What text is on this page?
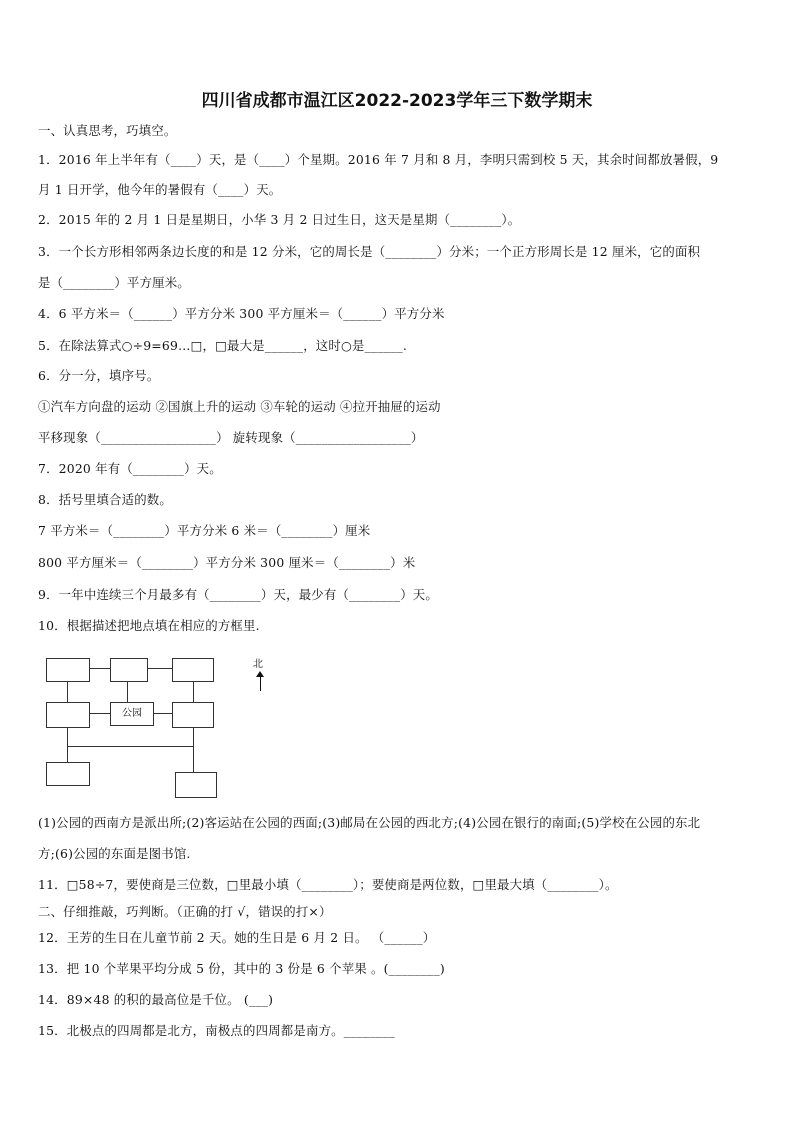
四川省成都市温江区2022-2023学年三下数学期末
一、认真思考，巧填空。
1．2016 年上半年有（____）天，是（____）个星期。2016 年 7 月和 8 月，李明只需到校 5 天，其余时间都放暑假，9
月 1 日开学，他今年的暑假有（____）天。
2．2015 年的 2 月 1 日是星期日，小华 3 月 2 日过生日，这天是星期（________）。
3．一个长方形相邻两条边长度的和是 12 分米，它的周长是（________）分米；一个正方形周长是 12 厘米，它的面积
是（________）平方厘米。
4．6 平方米＝（______）平方分米 300 平方厘米＝（______）平方分米
5．在除法算式○÷9=69…□，□最大是______，这时○是______.
6．分一分，填序号。
①汽车方向盘的运动 ②国旗上升的运动 ③车轮的运动 ④拉开抽屉的运动
平移现象（__________________） 旋转现象（__________________）
7．2020 年有（________）天。
8．括号里填合适的数。
7 平方米＝（________）平方分米 6 米＝（________）厘米
800 平方厘米＝（________）平方分米 300 厘米＝（________）米
9．一年中连续三个月最多有（________）天，最少有（________）天。
10．根据描述把地点填在相应的方框里.
公园
北
(1)公园的西南方是派出所;(2)客运站在公园的西面;(3)邮局在公园的西北方;(4)公园在银行的南面;(5)学校在公园的东北
方;(6)公园的东面是图书馆.
11．□58÷7，要使商是三位数，□里最小填（________）；要使商是两位数，□里最大填（________）。
二、仔细推敲，巧判断。（正确的打 √，错误的打×）
12．王芳的生日在儿童节前 2 天。她的生日是 6 月 2 日。 （______）
13．把 10 个苹果平均分成 5 份，其中的 3 份是 6 个苹果 。(________)
14．89×48 的积的最高位是千位。 (___)
15．北极点的四周都是北方，南极点的四周都是南方。________
